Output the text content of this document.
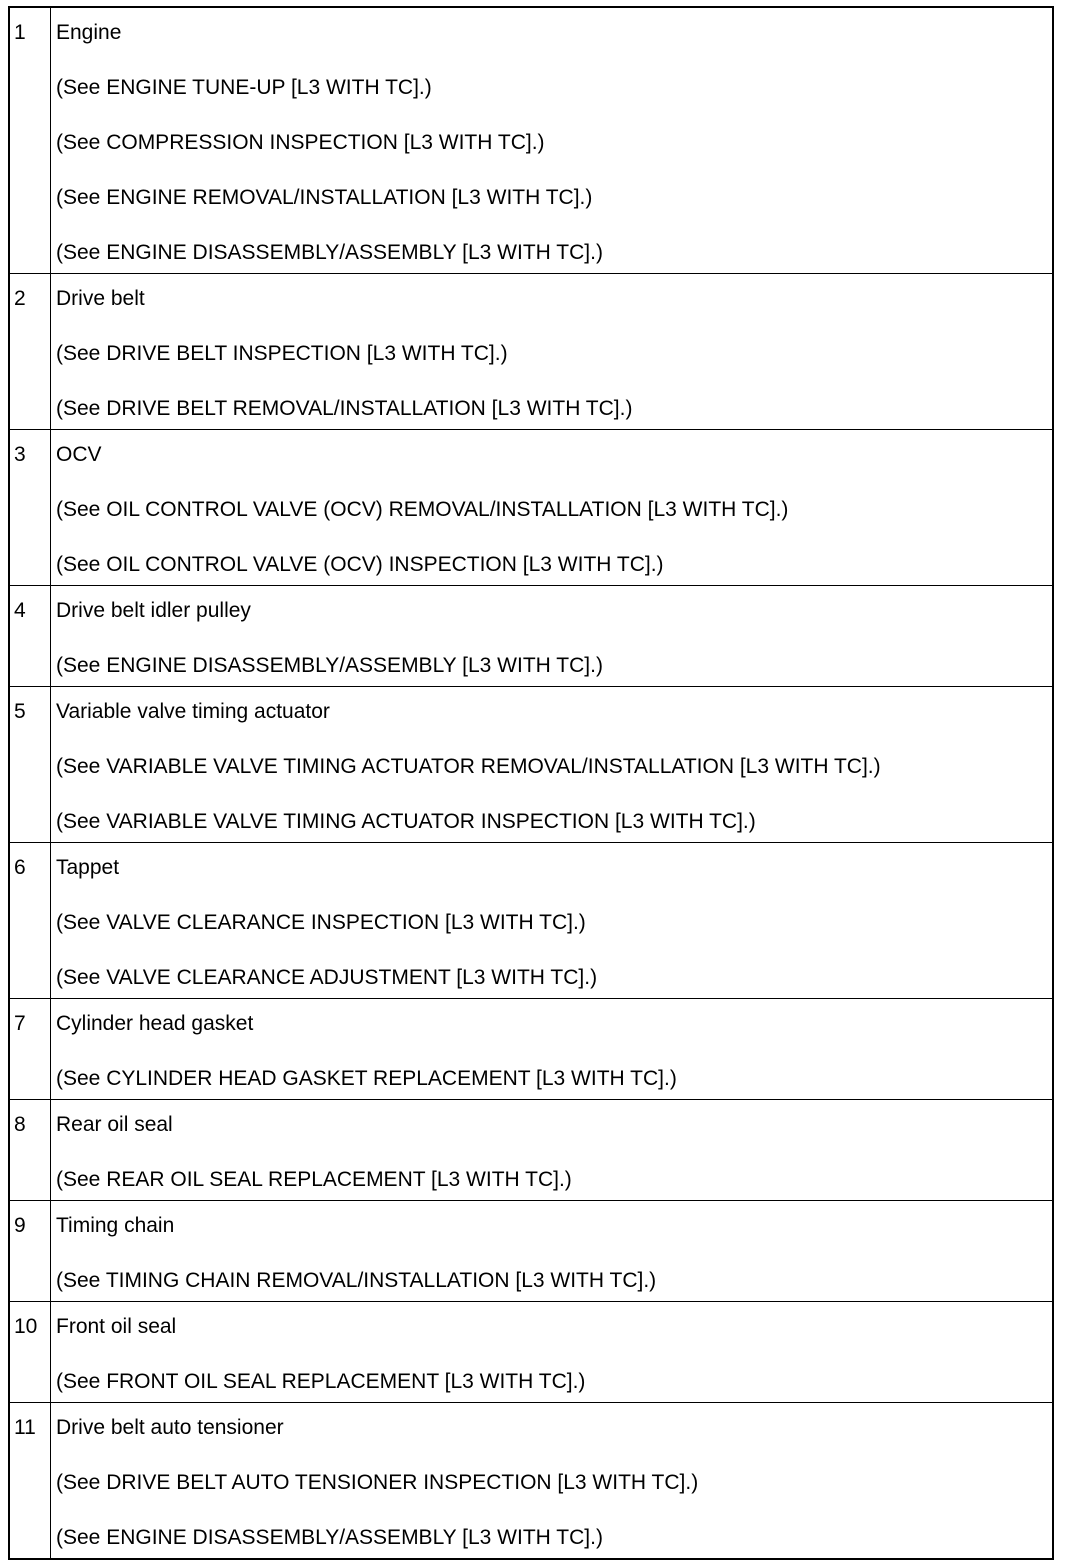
1	Engine
(See ENGINE TUNE-UP [L3 WITH TC].)
(See COMPRESSION INSPECTION [L3 WITH TC].)
(See ENGINE REMOVAL/INSTALLATION [L3 WITH TC].)
(See ENGINE DISASSEMBLY/ASSEMBLY [L3 WITH TC].)

2	Drive belt
(See DRIVE BELT INSPECTION [L3 WITH TC].)
(See DRIVE BELT REMOVAL/INSTALLATION [L3 WITH TC].)

3	OCV
(See OIL CONTROL VALVE (OCV) REMOVAL/INSTALLATION [L3 WITH TC].)
(See OIL CONTROL VALVE (OCV) INSPECTION [L3 WITH TC].)

4	Drive belt idler pulley
(See ENGINE DISASSEMBLY/ASSEMBLY [L3 WITH TC].)

5	Variable valve timing actuator
(See VARIABLE VALVE TIMING ACTUATOR REMOVAL/INSTALLATION [L3 WITH TC].)
(See VARIABLE VALVE TIMING ACTUATOR INSPECTION [L3 WITH TC].)

6	Tappet
(See VALVE CLEARANCE INSPECTION [L3 WITH TC].)
(See VALVE CLEARANCE ADJUSTMENT [L3 WITH TC].)

7	Cylinder head gasket
(See CYLINDER HEAD GASKET REPLACEMENT [L3 WITH TC].)

8	Rear oil seal
(See REAR OIL SEAL REPLACEMENT [L3 WITH TC].)

9	Timing chain
(See TIMING CHAIN REMOVAL/INSTALLATION [L3 WITH TC].)

10	Front oil seal
(See FRONT OIL SEAL REPLACEMENT [L3 WITH TC].)

11	Drive belt auto tensioner
(See DRIVE BELT AUTO TENSIONER INSPECTION [L3 WITH TC].)
(See ENGINE DISASSEMBLY/ASSEMBLY [L3 WITH TC].)
